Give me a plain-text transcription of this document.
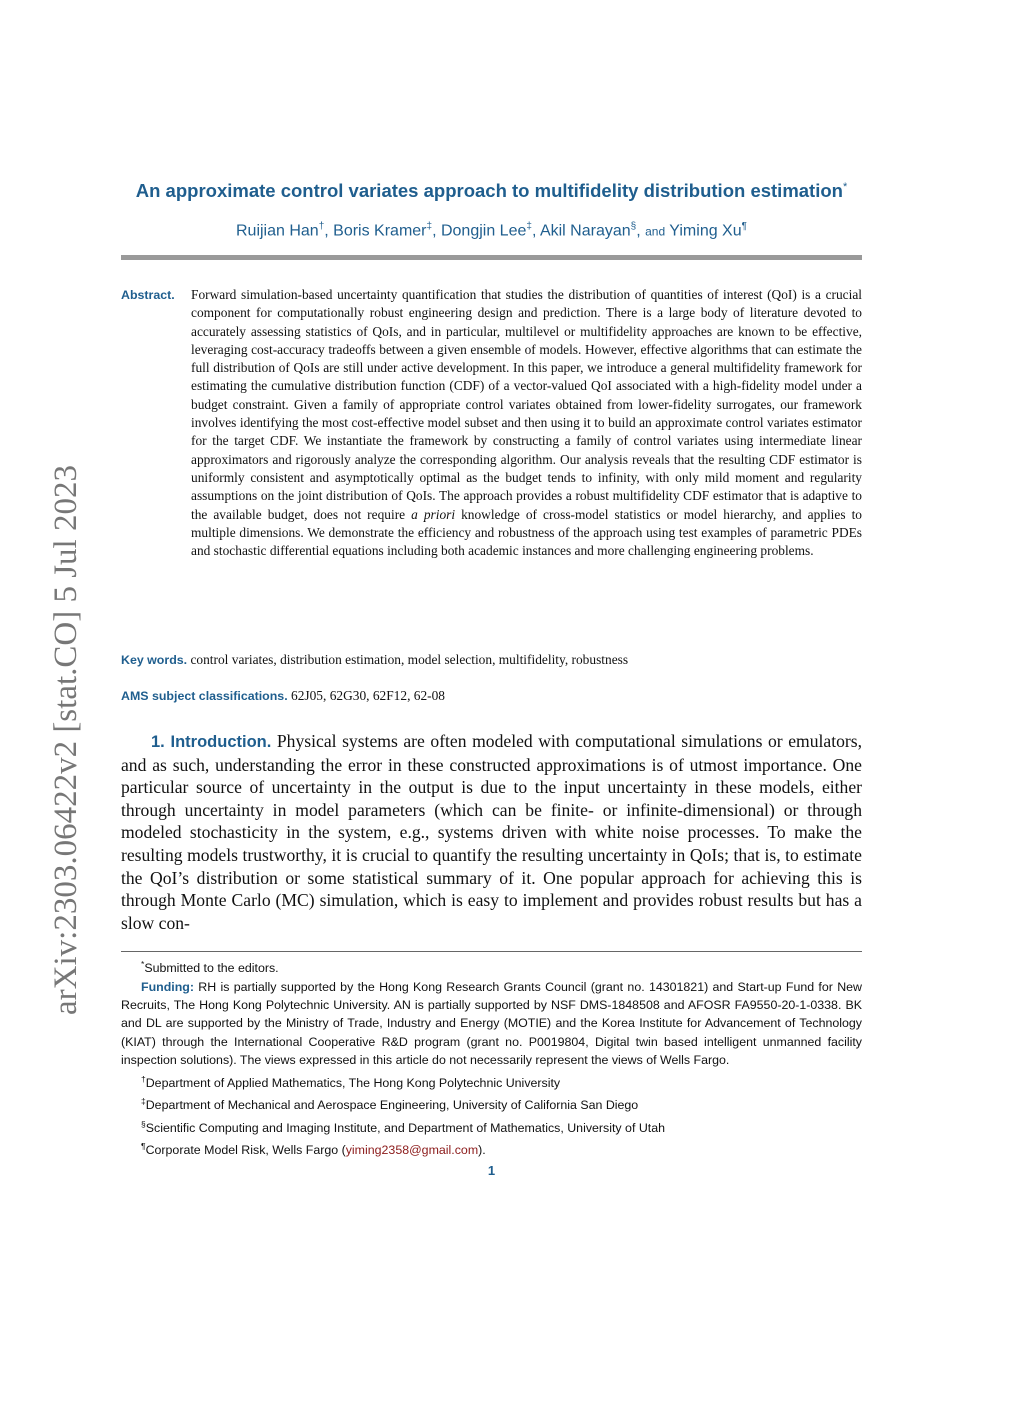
arXiv:2303.06422v2 [stat.CO] 5 Jul 2023
An approximate control variates approach to multifidelity distribution estimation*
Ruijian Han†, Boris Kramer‡, Dongjin Lee‡, Akil Narayan§, and Yiming Xu¶
Abstract. Forward simulation-based uncertainty quantification that studies the distribution of quantities of interest (QoI) is a crucial component for computationally robust engineering design and prediction. There is a large body of literature devoted to accurately assessing statistics of QoIs, and in particular, multilevel or multifidelity approaches are known to be effective, leveraging cost-accuracy tradeoffs between a given ensemble of models. However, effective algorithms that can estimate the full distribution of QoIs are still under active development. In this paper, we introduce a general multifidelity framework for estimating the cumulative distribution function (CDF) of a vector-valued QoI associated with a high-fidelity model under a budget constraint. Given a family of appropriate control variates obtained from lower-fidelity surrogates, our framework involves identifying the most cost-effective model subset and then using it to build an approximate control variates estimator for the target CDF. We instantiate the framework by constructing a family of control variates using intermediate linear approximators and rigorously analyze the corresponding algorithm. Our analysis reveals that the resulting CDF estimator is uniformly consistent and asymptotically optimal as the budget tends to infinity, with only mild moment and regularity assumptions on the joint distribution of QoIs. The approach provides a robust multifidelity CDF estimator that is adaptive to the available budget, does not require a priori knowledge of cross-model statistics or model hierarchy, and applies to multiple dimensions. We demonstrate the efficiency and robustness of the approach using test examples of parametric PDEs and stochastic differential equations including both academic instances and more challenging engineering problems.
Key words. control variates, distribution estimation, model selection, multifidelity, robustness
AMS subject classifications. 62J05, 62G30, 62F12, 62-08
1. Introduction. Physical systems are often modeled with computational simulations or emulators, and as such, understanding the error in these constructed approximations is of utmost importance. One particular source of uncertainty in the output is due to the input uncertainty in these models, either through uncertainty in model parameters (which can be finite- or infinite-dimensional) or through modeled stochasticity in the system, e.g., systems driven with white noise processes. To make the resulting models trustworthy, it is crucial to quantify the resulting uncertainty in QoIs; that is, to estimate the QoI’s distribution or some statistical summary of it. One popular approach for achieving this is through Monte Carlo (MC) simulation, which is easy to implement and provides robust results but has a slow con-
*Submitted to the editors.
Funding: RH is partially supported by the Hong Kong Research Grants Council (grant no. 14301821) and Start-up Fund for New Recruits, The Hong Kong Polytechnic University. AN is partially supported by NSF DMS-1848508 and AFOSR FA9550-20-1-0338. BK and DL are supported by the Ministry of Trade, Industry and Energy (MOTIE) and the Korea Institute for Advancement of Technology (KIAT) through the International Cooperative R&D program (grant no. P0019804, Digital twin based intelligent unmanned facility inspection solutions). The views expressed in this article do not necessarily represent the views of Wells Fargo.
†Department of Applied Mathematics, The Hong Kong Polytechnic University
‡Department of Mechanical and Aerospace Engineering, University of California San Diego
§Scientific Computing and Imaging Institute, and Department of Mathematics, University of Utah
¶Corporate Model Risk, Wells Fargo (yiming2358@gmail.com).
1
